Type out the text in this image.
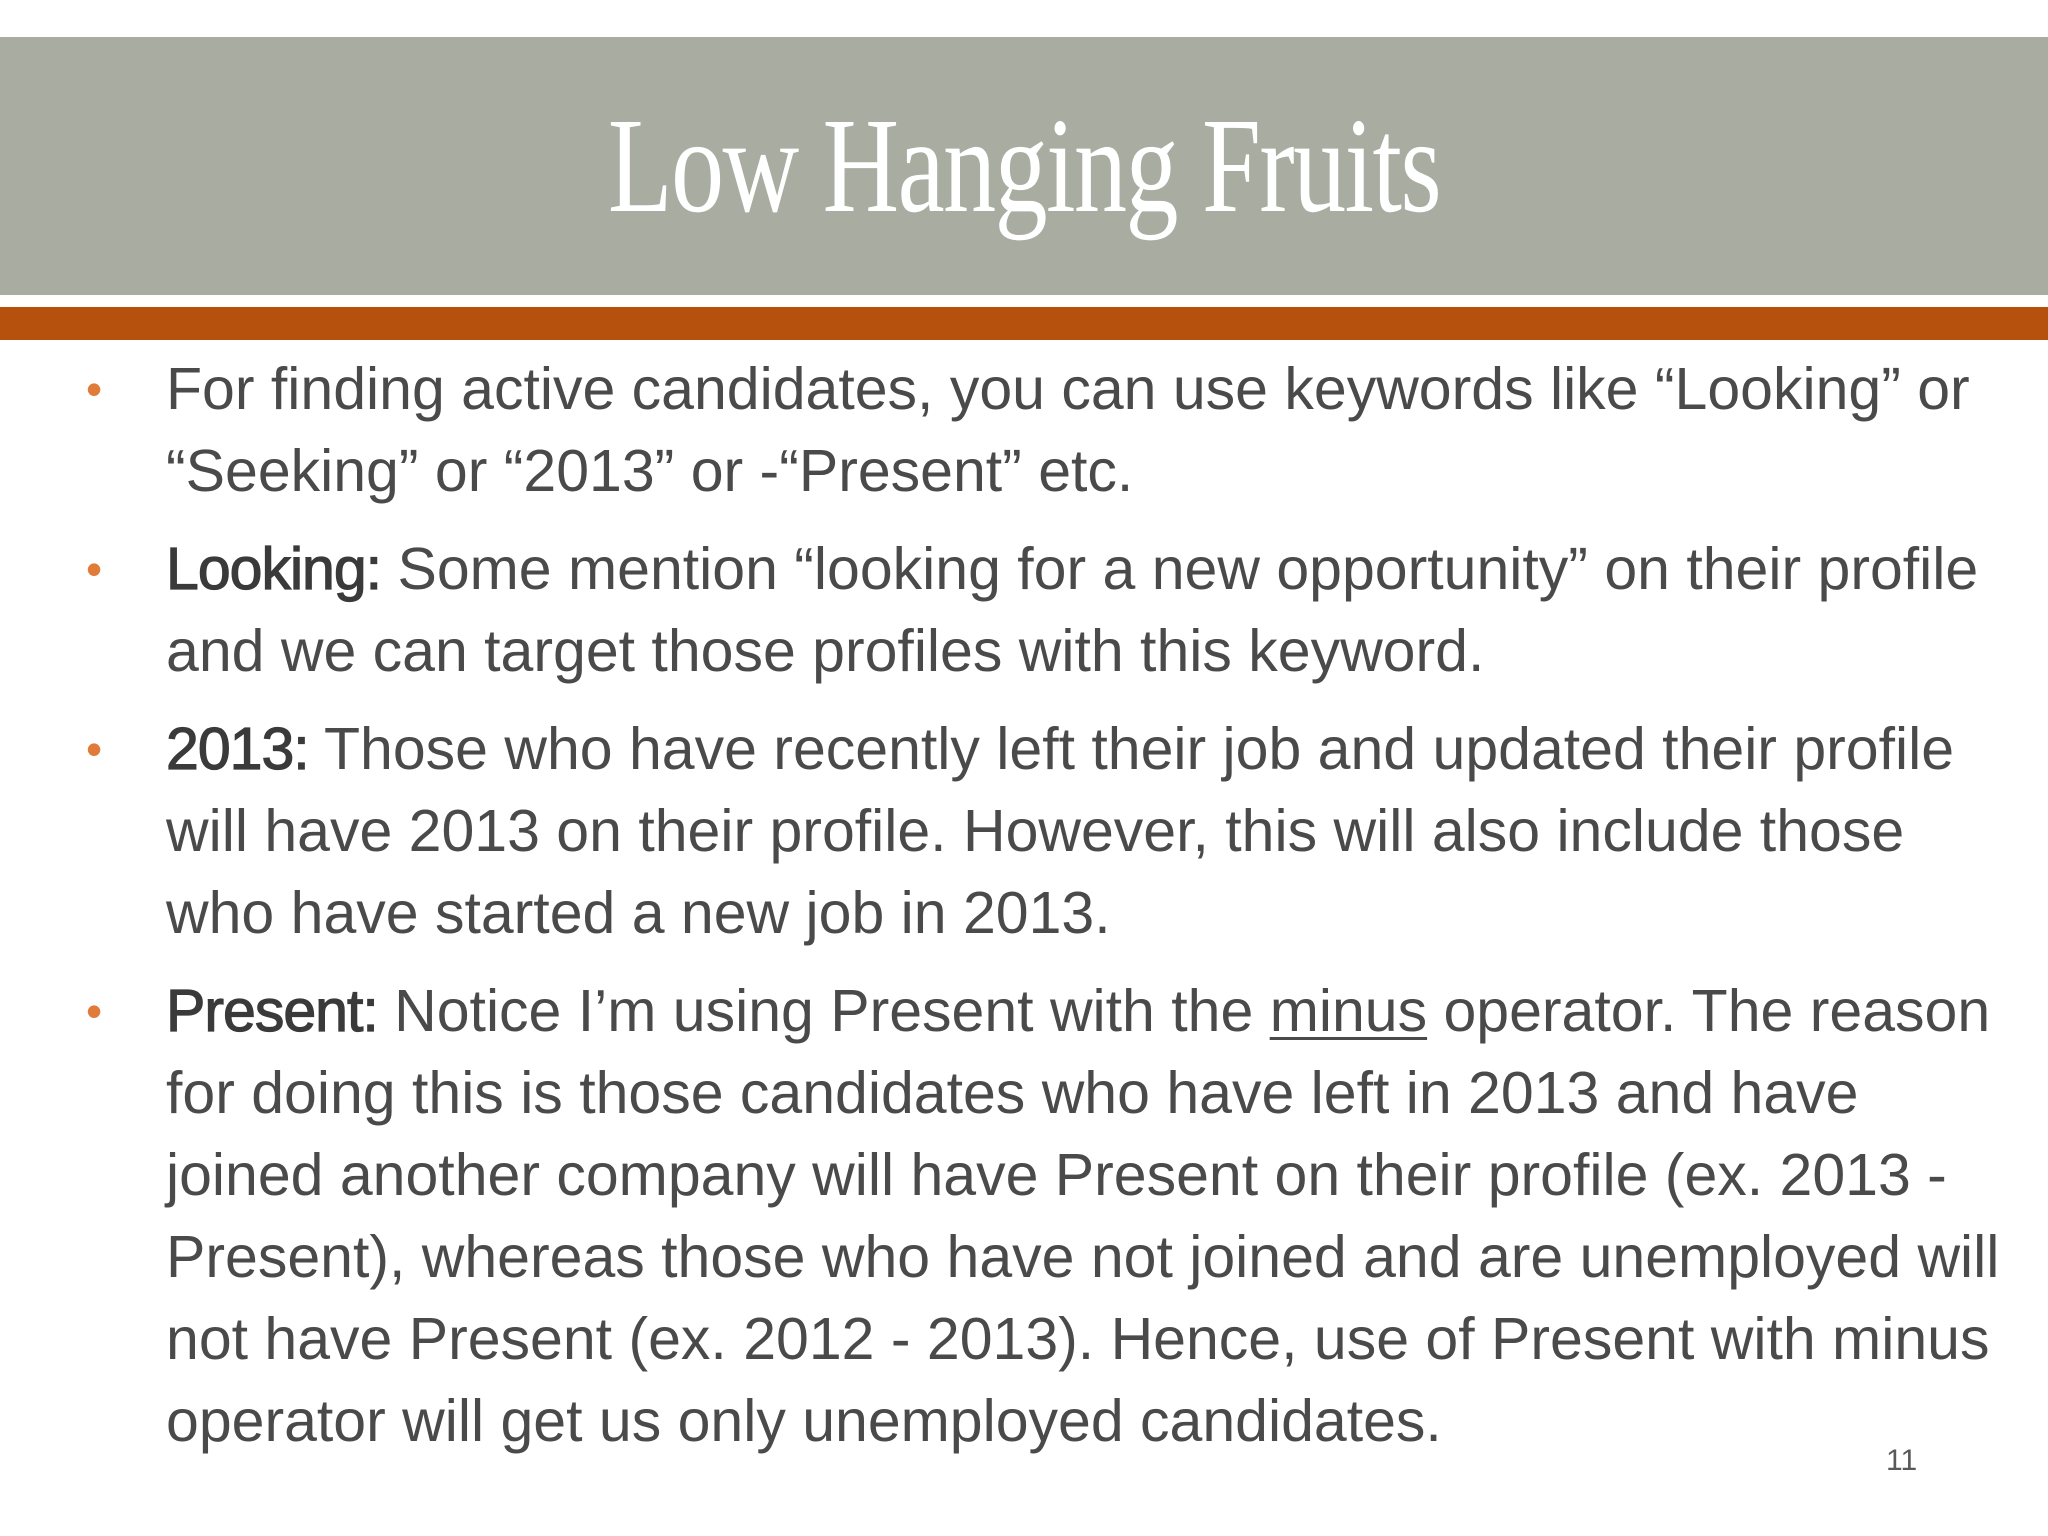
Low Hanging Fruits
• For finding active candidates, you can use keywords like “Looking” or “Seeking” or “2013” or -“Present” etc.
• Looking: Some mention “looking for a new opportunity” on their profile and we can target those profiles with this keyword.
• 2013: Those who have recently left their job and updated their profile will have 2013 on their profile. However, this will also include those who have started a new job in 2013.
• Present: Notice I’m using Present with the minus operator. The reason for doing this is those candidates who have left in 2013 and have joined another company will have Present on their profile (ex. 2013 - Present), whereas those who have not joined and are unemployed will not have Present (ex. 2012 - 2013). Hence, use of Present with minus operator will get us only unemployed candidates.
11
